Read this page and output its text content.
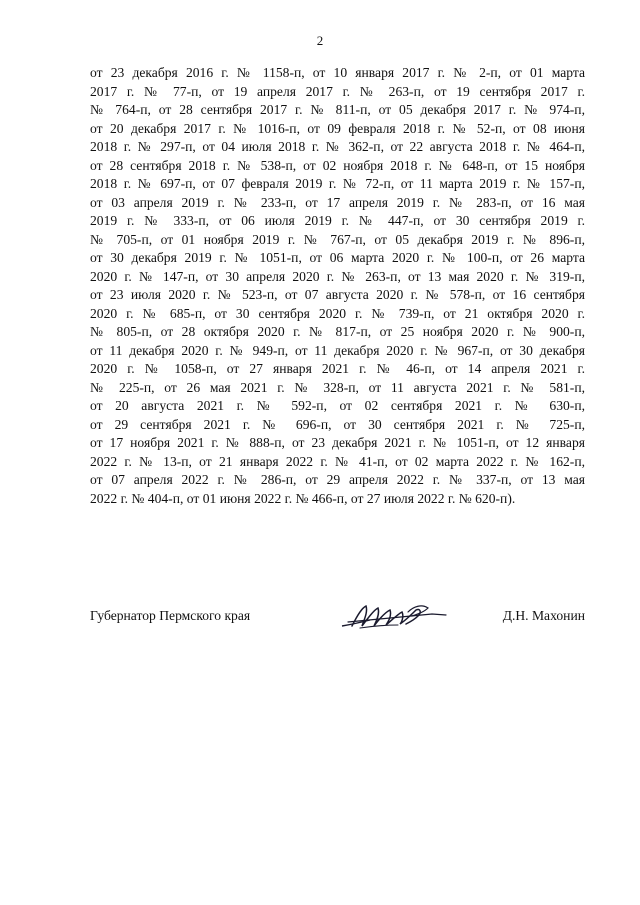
2
от 23 декабря 2016 г. № 1158-п, от 10 января 2017 г. № 2-п, от 01 марта
2017 г. № 77-п, от 19 апреля 2017 г. № 263-п, от 19 сентября 2017 г.
№ 764-п, от 28 сентября 2017 г. № 811-п, от 05 декабря 2017 г. № 974-п,
от 20 декабря 2017 г. № 1016-п, от 09 февраля 2018 г. № 52-п, от 08 июня
2018 г. № 297-п, от 04 июля 2018 г. № 362-п, от 22 августа 2018 г. № 464-п,
от 28 сентября 2018 г. № 538-п, от 02 ноября 2018 г. № 648-п, от 15 ноября
2018 г. № 697-п, от 07 февраля 2019 г. № 72-п, от 11 марта 2019 г. № 157-п,
от 03 апреля 2019 г. № 233-п, от 17 апреля 2019 г. № 283-п, от 16 мая
2019 г. № 333-п, от 06 июля 2019 г. № 447-п, от 30 сентября 2019 г.
№ 705-п, от 01 ноября 2019 г. № 767-п, от 05 декабря 2019 г. № 896-п,
от 30 декабря 2019 г. № 1051-п, от 06 марта 2020 г. № 100-п, от 26 марта
2020 г. № 147-п, от 30 апреля 2020 г. № 263-п, от 13 мая 2020 г. № 319-п,
от 23 июля 2020 г. № 523-п, от 07 августа 2020 г. № 578-п, от 16 сентября
2020 г. № 685-п, от 30 сентября 2020 г. № 739-п, от 21 октября 2020 г.
№ 805-п, от 28 октября 2020 г. № 817-п, от 25 ноября 2020 г. № 900-п,
от 11 декабря 2020 г. № 949-п, от 11 декабря 2020 г. № 967-п, от 30 декабря
2020 г. № 1058-п, от 27 января 2021 г. № 46-п, от 14 апреля 2021 г.
№ 225-п, от 26 мая 2021 г. № 328-п, от 11 августа 2021 г. № 581-п,
от 20 августа 2021 г. № 592-п, от 02 сентября 2021 г. № 630-п,
от 29 сентября 2021 г. № 696-п, от 30 сентября 2021 г. № 725-п,
от 17 ноября 2021 г. № 888-п, от 23 декабря 2021 г. № 1051-п, от 12 января
2022 г. № 13-п, от 21 января 2022 г. № 41-п, от 02 марта 2022 г. № 162-п,
от 07 апреля 2022 г. № 286-п, от 29 апреля 2022 г. № 337-п, от 13 мая
2022 г. № 404-п, от 01 июня 2022 г. № 466-п, от 27 июля 2022 г. № 620-п).
Губернатор Пермского края	Д.Н. Махонин
